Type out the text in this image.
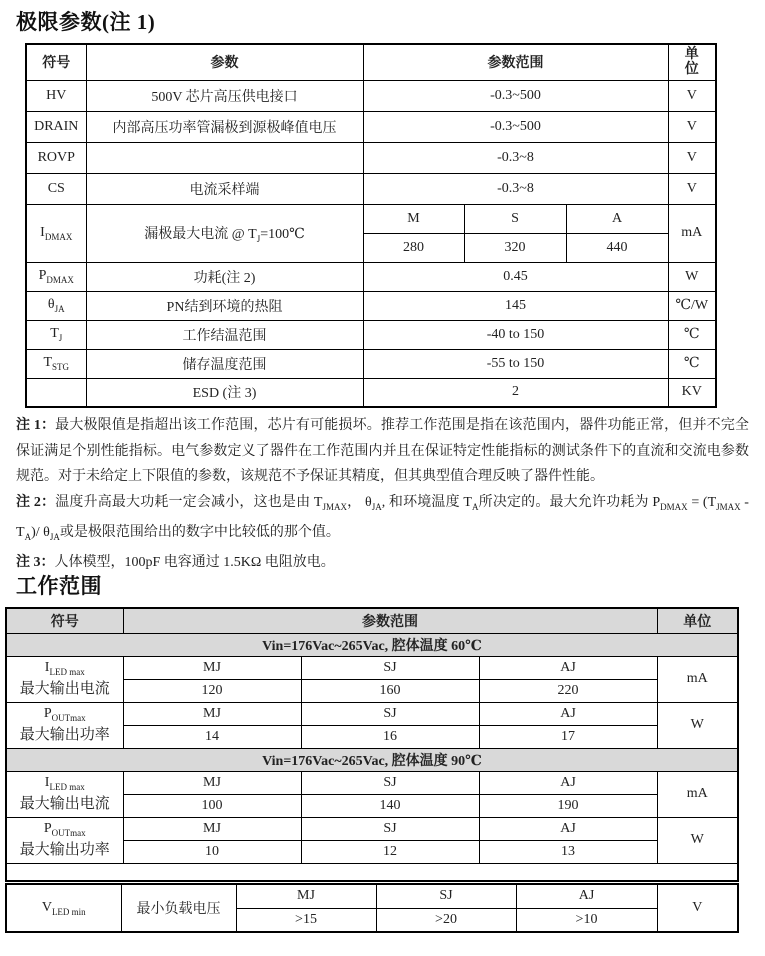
极限参数(注 1)
符号	参数	参数范围			单
位
HV	500V 芯片高压供电接口	-0.3~500			V
DRAIN	内部高压功率管漏极到源极峰值电压	-0.3~500			V
ROVP		-0.3~8			V
CS	电流采样端	-0.3~8			V
$I_{DMAX}$	漏极最大电流 @ $T_J=100℃$	M	S	A	mA
		280	320	440	
$P_{DMAX}$	功耗(注 2)	0.45			W
$\theta_{JA}$	PN结到环境的热阻	145			℃/W
$T_J$	工作结温范围	-40 to 150			℃
$T_{STG}$	储存温度范围	-55 to 150			℃
	ESD (注 3)	2			KV

注 1：最大极限值是指超出该工作范围，芯片有可能损坏。推荐工作范围是指在该范围内，器件功能正常，但并不完全保证满足个别性能指标。电气参数定义了器件在工作范围内并且在保证特定性能指标的测试条件下的直流和交流电参数规范。对于未给定上下限值的参数，该规范不予保证其精度，但其典型值合理反映了器件性能。

注 2：温度升高最大功耗一定会减小，这也是由 $T_{JMAX}$， $\theta_{JA}$, 和环境温度 $T_A$所决定的。最大允许功耗为 $P_{DMAX} = (T_{JMAX} - T_A)/$ $\theta_{JA}$或是极限范围给出的数字中比较低的那个值。

注 3：人体模型，100pF 电容通过 1.5KΩ 电阻放电。

工作范围
符号	参数范围			单位
Vin=176Vac~265Vac, 腔体温度 60℃				

$I_{LED max}$
最大输出电流	MJ	SJ	AJ	mA
	120	160	220	

$P_{OUTmax}$
最大输出功率	MJ	SJ	AJ	W
	14	16	17	
Vin=176Vac~265Vac, 腔体温度 90℃				

$I_{LED max}$
最大输出电流	MJ	SJ	AJ	mA
	100	140	190	

$P_{OUTmax}$
最大输出功率	MJ	SJ	AJ	W
	10	12	13	

$V_{LED min}$	最小负载电压	MJ	SJ	AJ	V
		>15	>20	>10	
